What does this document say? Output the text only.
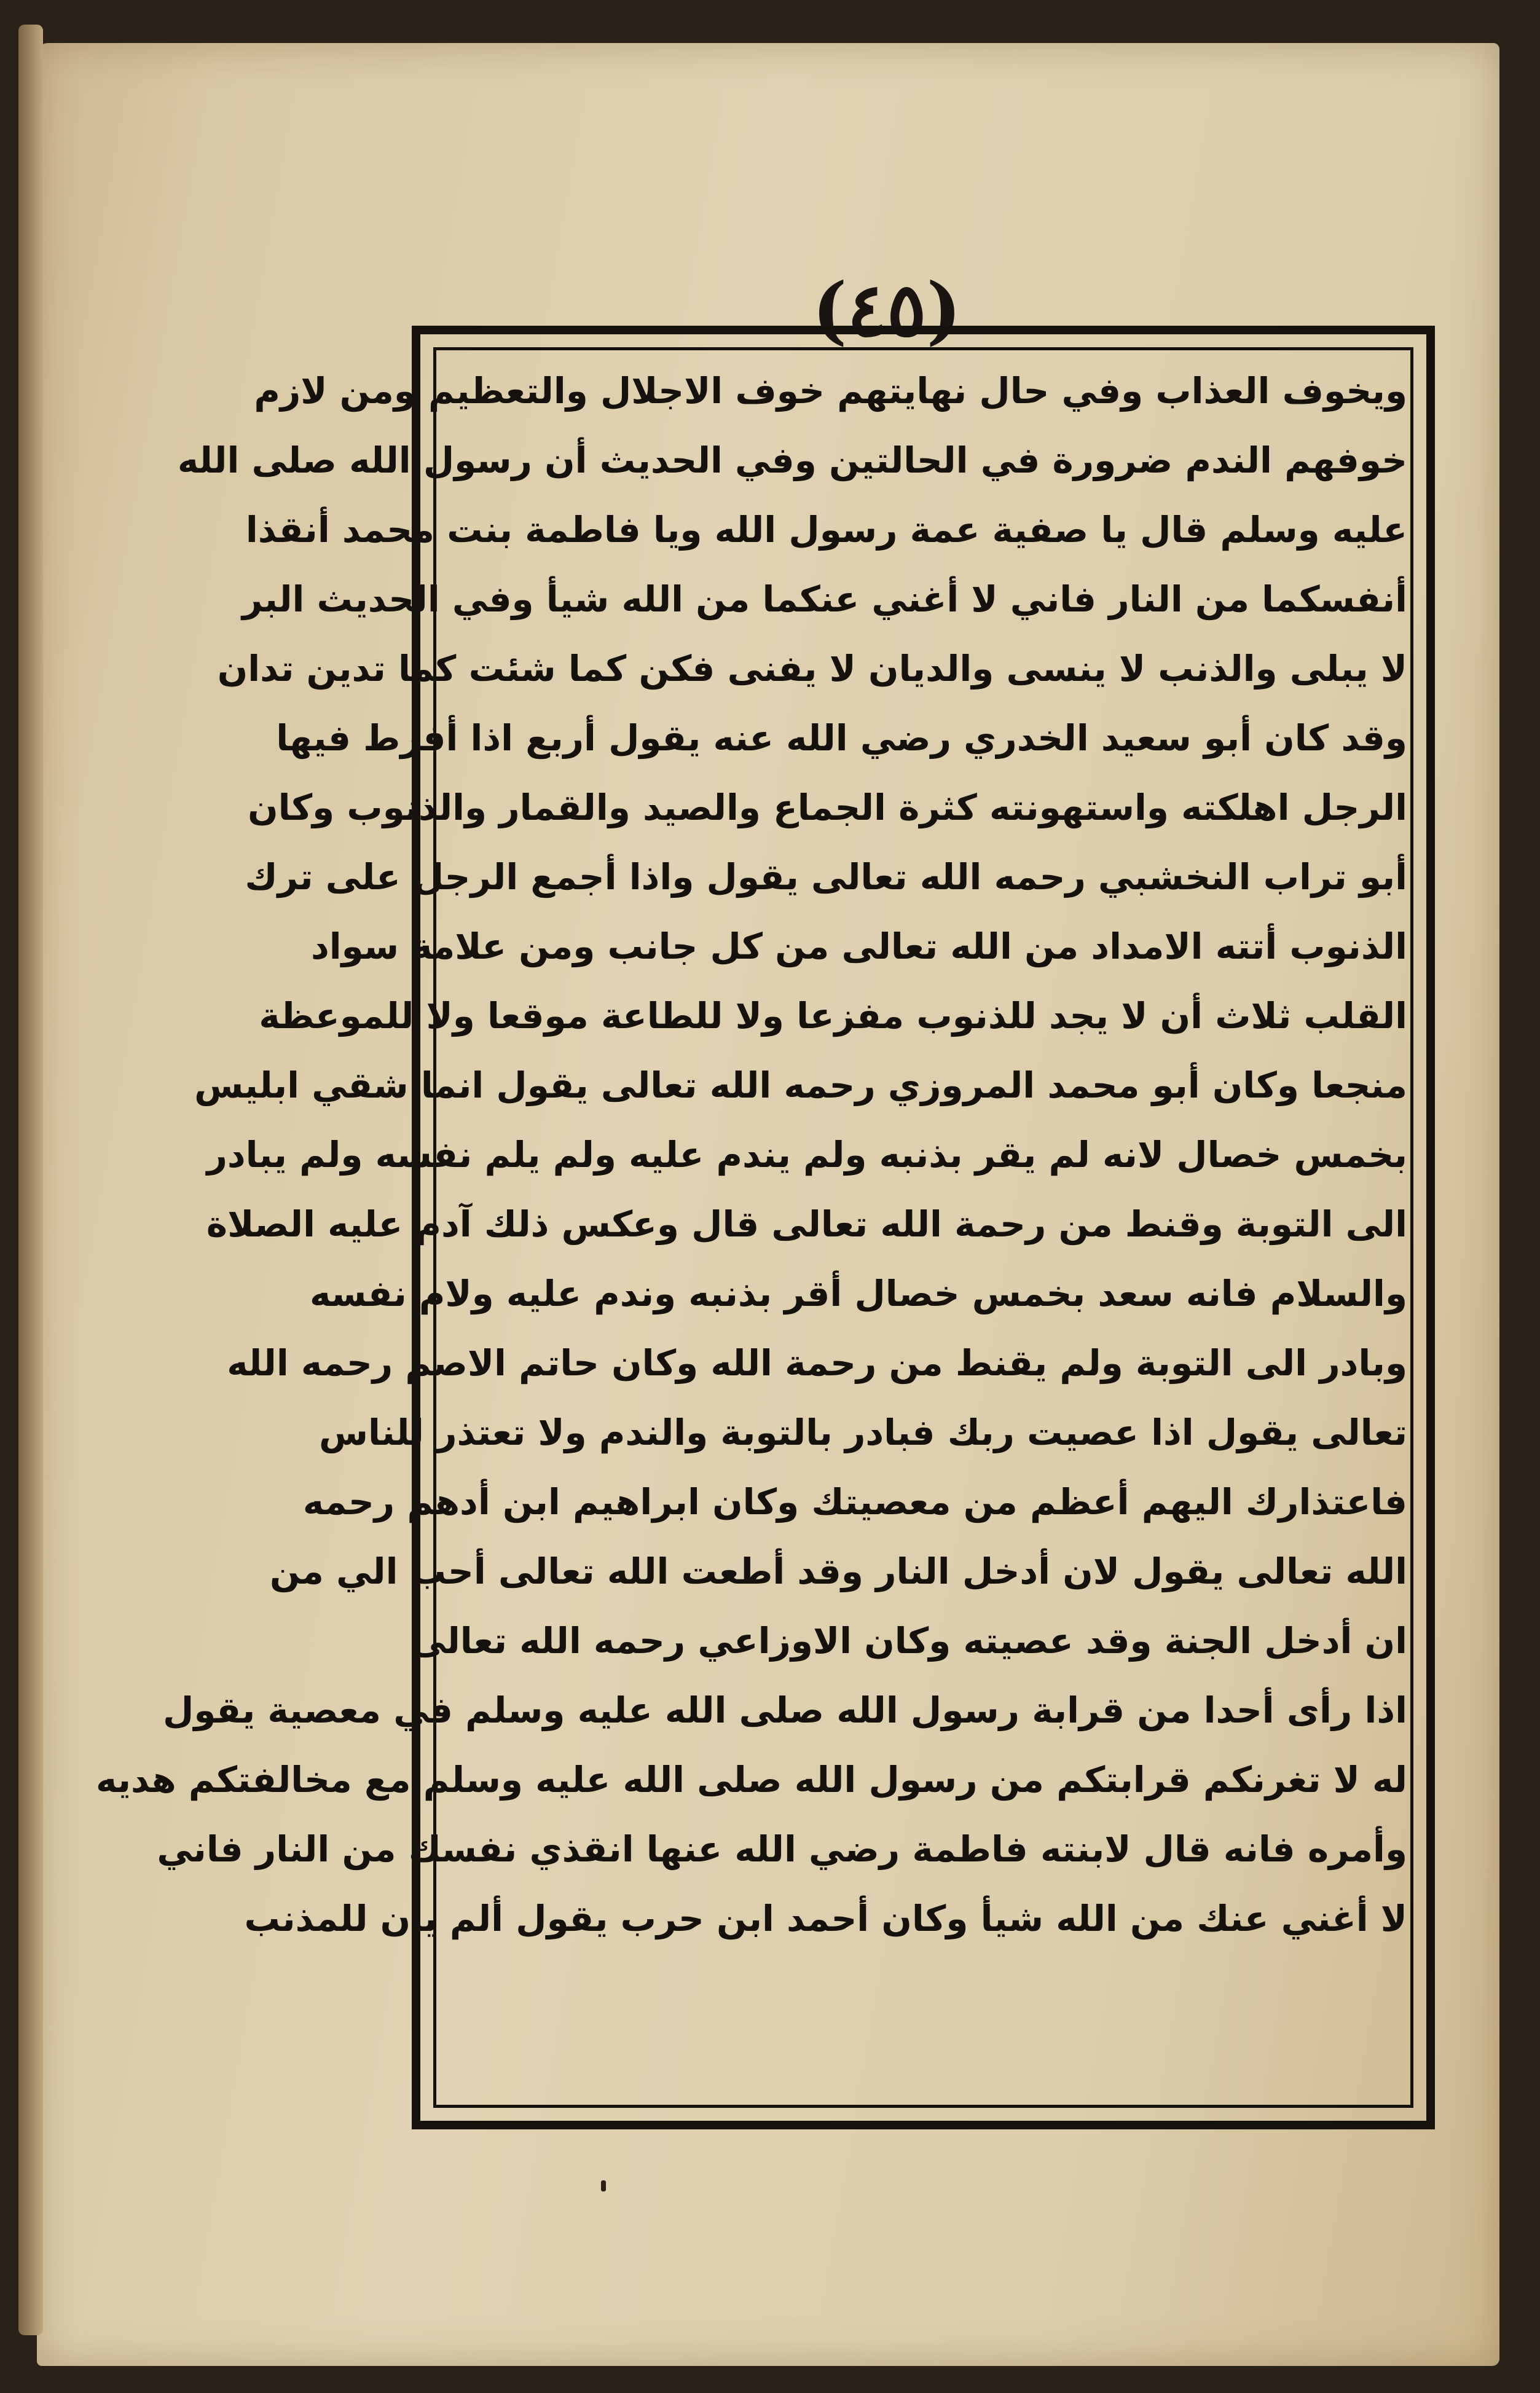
(٤٥)
ويخوف العذاب وفي حال نهايتهم خوف الاجلال والتعظيم ومن لازم
خوفهم الندم ضرورة في الحالتين وفي الحديث أن رسول الله صلى الله
عليه وسلم قال يا صفية عمة رسول الله ويا فاطمة بنت محمد أنقذا
أنفسكما من النار فاني لا أغني عنكما من الله شيأ وفي الحديث البر
لا يبلى والذنب لا ينسى والديان لا يفنى فكن كما شئت كما تدين تدان
وقد كان أبو سعيد الخدري رضي الله عنه يقول أربع اذا أفرط فيها
الرجل اهلكته واستهونته كثرة الجماع والصيد والقمار والذنوب وكان
أبو تراب النخشبي رحمه الله تعالى يقول واذا أجمع الرجل على ترك
الذنوب أتته الامداد من الله تعالى من كل جانب ومن علامة سواد
القلب ثلاث أن لا يجد للذنوب مفزعا ولا للطاعة موقعا ولا للموعظة
منجعا وكان أبو محمد المروزي رحمه الله تعالى يقول انما شقي ابليس
بخمس خصال لانه لم يقر بذنبه ولم يندم عليه ولم يلم نفسه ولم يبادر
الى التوبة وقنط من رحمة الله تعالى قال وعكس ذلك آدم عليه الصلاة
والسلام فانه سعد بخمس خصال أقر بذنبه وندم عليه ولام نفسه
وبادر الى التوبة ولم يقنط من رحمة الله وكان حاتم الاصم رحمه الله
تعالى يقول اذا عصيت ربك فبادر بالتوبة والندم ولا تعتذر للناس
فاعتذارك اليهم أعظم من معصيتك وكان ابراهيم ابن أدهم رحمه
الله تعالى يقول لان أدخل النار وقد أطعت الله تعالى أحب الي من
ان أدخل الجنة وقد عصيته وكان الاوزاعي رحمه الله تعالى
اذا رأى أحدا من قرابة رسول الله صلى الله عليه وسلم في معصية يقول
له لا تغرنكم قرابتكم من رسول الله صلى الله عليه وسلم مع مخالفتكم هديه
وأمره فانه قال لابنته فاطمة رضي الله عنها انقذي نفسك من النار فاني
لا أغني عنك من الله شيأ وكان أحمد ابن حرب يقول ألم يأن للمذنب
